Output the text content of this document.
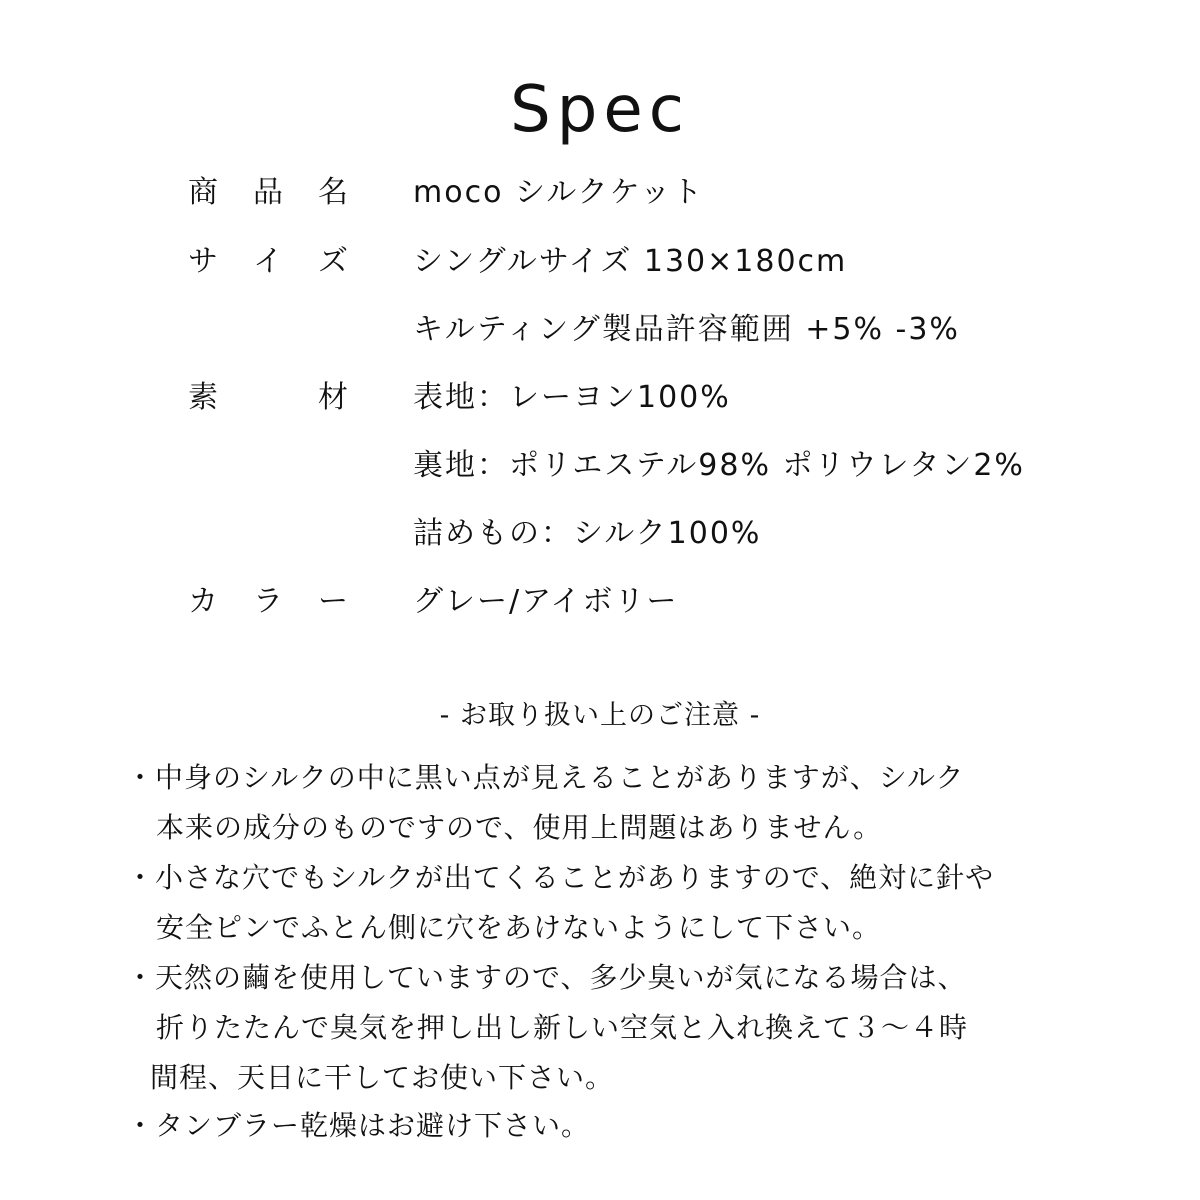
Spec
商 品 名 moco シルクケット
サ イ ズ シングルサイズ 130×180cm
キルティング製品許容範囲 +5% -3%
素	材 表地：レーヨン100%
裏地：ポリエステル98% ポリウレタン2%
詰めもの：シルク100%
カ ラ ー グレー/アイボリー
- お取り扱い上のご注意 -
・中身のシルクの中に黒い点が見えることがありますが、シルク
本来の成分のものですので、使用上問題はありません。
・小さな穴でもシルクが出てくることがありますので、絶対に針や
安全ピンでふとん側に穴をあけないようにして下さい。
・天然の繭を使用していますので、多少臭いが気になる場合は、
折りたたんで臭気を押し出し新しい空気と入れ換えて３～４時
間程、天日に干してお使い下さい。
・タンブラー乾燥はお避け下さい。
